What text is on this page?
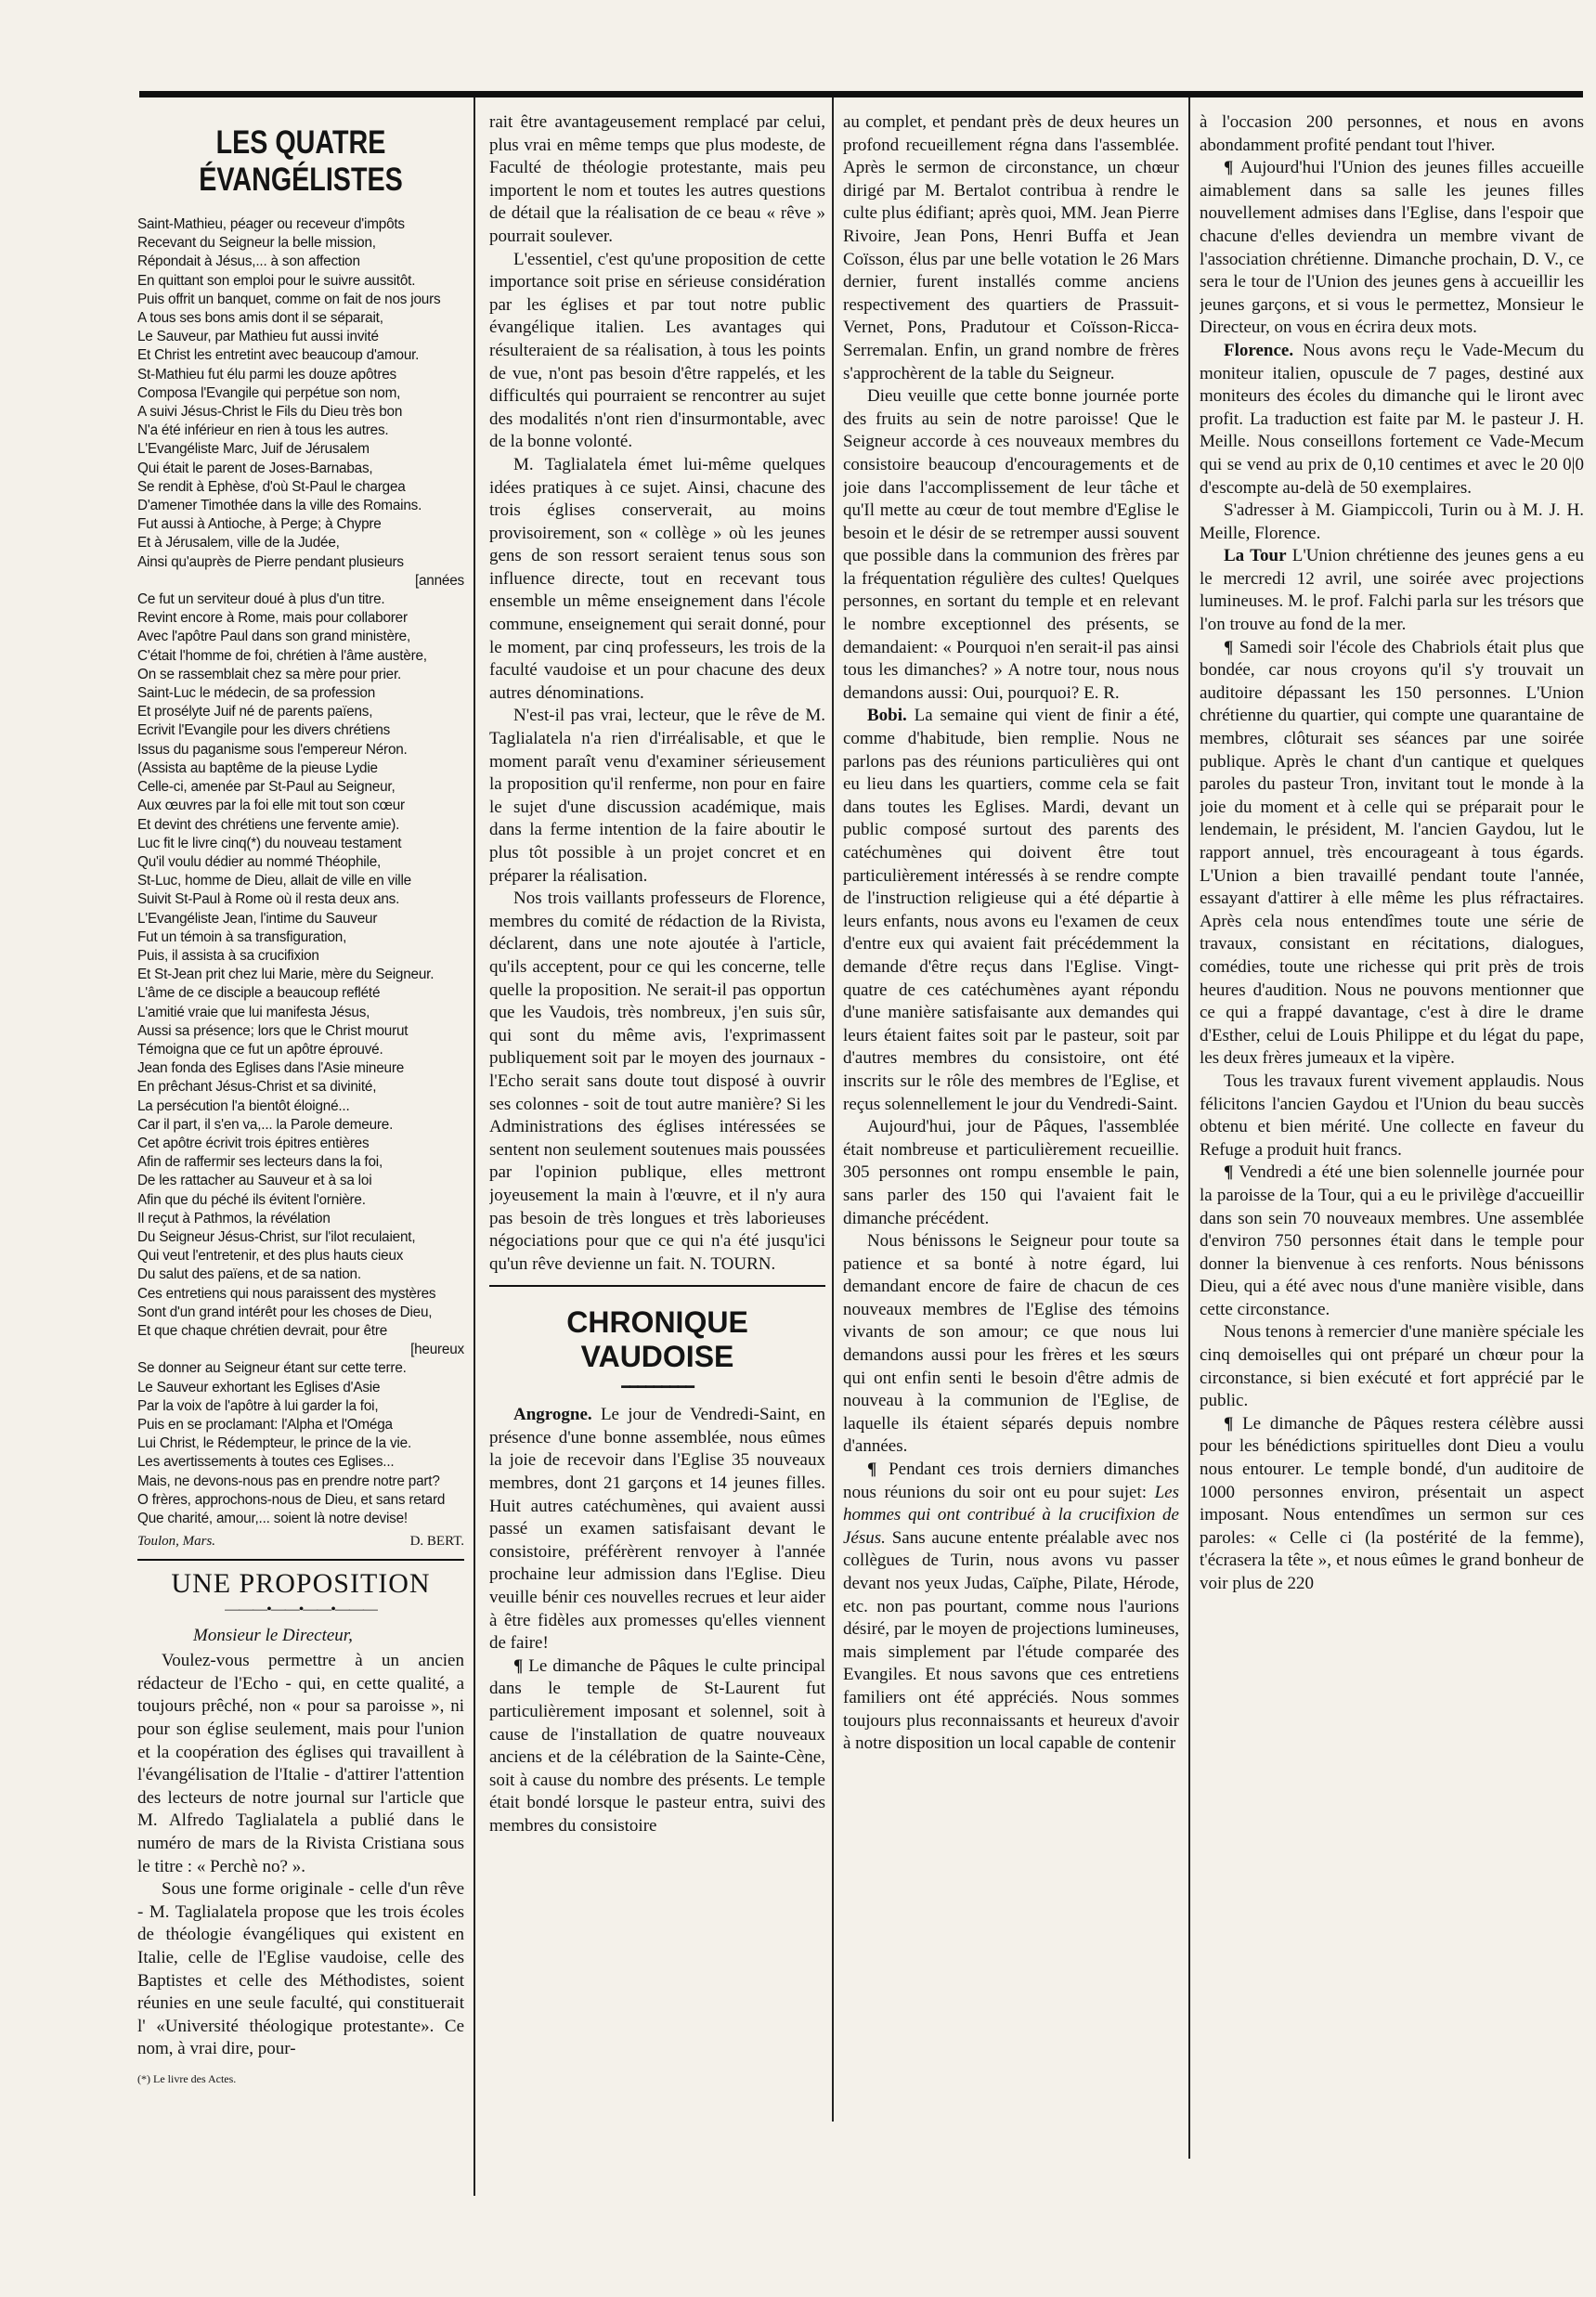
LES QUATRE ÉVANGÉLISTES

Saint-Mathieu, péager ou receveur d'impôts

Recevant du Seigneur la belle mission,

Répondait à Jésus,... à son affection

En quittant son emploi pour le suivre aussitôt.

Puis offrit un banquet, comme on fait de nos jours

A tous ses bons amis dont il se séparait,

Le Sauveur, par Mathieu fut aussi invité

Et Christ les entretint avec beaucoup d'amour.

St-Mathieu fut élu parmi les douze apôtres

Composa l'Evangile qui perpétue son nom,

A suivi Jésus-Christ le Fils du Dieu très bon

N'a été inférieur en rien à tous les autres.

L'Evangéliste Marc, Juif de Jérusalem

Qui était le parent de Joses-Barnabas,

Se rendit à Ephèse, d'où St-Paul le chargea

D'amener Timothée dans la ville des Romains.

Fut aussi à Antioche, à Perge; à Chypre

Et à Jérusalem, ville de la Judée,

Ainsi qu'auprès de Pierre pendant plusieurs

[années

Ce fut un serviteur doué à plus d'un titre.

Revint encore à Rome, mais pour collaborer

Avec l'apôtre Paul dans son grand ministère,

C'était l'homme de foi, chrétien à l'âme austère,

On se rassemblait chez sa mère pour prier.

Saint-Luc le médecin, de sa profession

Et prosélyte Juif né de parents païens,

Ecrivit l'Evangile pour les divers chrétiens

Issus du paganisme sous l'empereur Néron.

(Assista au baptême de la pieuse Lydie

Celle-ci, amenée par St-Paul au Seigneur,

Aux œuvres par la foi elle mit tout son cœur

Et devint des chrétiens une fervente amie).

Luc fit le livre cinq(*) du nouveau testament

Qu'il voulu dédier au nommé Théophile,

St-Luc, homme de Dieu, allait de ville en ville

Suivit St-Paul à Rome où il resta deux ans.

L'Evangéliste Jean, l'intime du Sauveur

Fut un témoin à sa transfiguration,

Puis, il assista à sa crucifixion

Et St-Jean prit chez lui Marie, mère du Seigneur.

L'âme de ce disciple a beaucoup reflété

L'amitié vraie que lui manifesta Jésus,

Aussi sa présence; lors que le Christ mourut

Témoigna que ce fut un apôtre éprouvé.

Jean fonda des Eglises dans l'Asie mineure

En prêchant Jésus-Christ et sa divinité,

La persécution l'a bientôt éloigné...

Car il part, il s'en va,... la Parole demeure.

Cet apôtre écrivit trois épitres entières

Afin de raffermir ses lecteurs dans la foi,

De les rattacher au Sauveur et à sa loi

Afin que du péché ils évitent l'ornière.

Il reçut à Pathmos, la révélation

Du Seigneur Jésus-Christ, sur l'ilot reculaient,

Qui veut l'entretenir, et des plus hauts cieux

Du salut des païens, et de sa nation.

Ces entretiens qui nous paraissent des mystères

Sont d'un grand intérêt pour les choses de Dieu,

Et que chaque chrétien devrait, pour être

[heureux

Se donner au Seigneur étant sur cette terre.

Le Sauveur exhortant les Eglises d'Asie

Par la voix de l'apôtre à lui garder la foi,

Puis en se proclamant: l'Alpha et l'Oméga

Lui Christ, le Rédempteur, le prince de la vie.

Les avertissements à toutes ces Eglises...

Mais, ne devons-nous pas en prendre notre part?

O frères, approchons-nous de Dieu, et sans retard

Que charité, amour,... soient là notre devise!

Toulon, Mars.	D. BERT.
UNE PROPOSITION
———•——•——•———
Monsieur le Directeur,

Voulez-vous permettre à un ancien rédacteur de l'Echo - qui, en cette qualité, a toujours prêché, non « pour sa paroisse », ni pour son église seulement, mais pour l'union et la coopération des églises qui travaillent à l'évangélisation de l'Italie - d'attirer l'attention des lecteurs de notre journal sur l'article que M. Alfredo Taglialatela a publié dans le numéro de mars de la Rivista Cristiana sous le titre : « Perchè no? ».

Sous une forme originale - celle d'un rêve - M. Taglialatela propose que les trois écoles de théologie évangéliques qui existent en Italie, celle de l'Eglise vaudoise, celle des Baptistes et celle des Méthodistes, soient réunies en une seule faculté, qui constituerait l' «Université théologique protestante». Ce nom, à vrai dire, pour-

(*) Le livre des Actes.

rait être avantageusement remplacé par celui, plus vrai en même temps que plus modeste, de Faculté de théologie protestante, mais peu importent le nom et toutes les autres questions de détail que la réalisation de ce beau « rêve » pourrait soulever.

L'essentiel, c'est qu'une proposition de cette importance soit prise en sérieuse considération par les églises et par tout notre public évangélique italien. Les avantages qui résulteraient de sa réalisation, à tous les points de vue, n'ont pas besoin d'être rappelés, et les difficultés qui pourraient se rencontrer au sujet des modalités n'ont rien d'insurmontable, avec de la bonne volonté.

M. Taglialatela émet lui-même quelques idées pratiques à ce sujet. Ainsi, chacune des trois églises conserverait, au moins provisoirement, son « collège » où les jeunes gens de son ressort seraient tenus sous son influence directe, tout en recevant tous ensemble un même enseignement dans l'école commune, enseignement qui serait donné, pour le moment, par cinq professeurs, les trois de la faculté vaudoise et un pour chacune des deux autres dénominations.

N'est-il pas vrai, lecteur, que le rêve de M. Taglialatela n'a rien d'irréalisable, et que le moment paraît venu d'examiner sérieusement la proposition qu'il renferme, non pour en faire le sujet d'une discussion académique, mais dans la ferme intention de la faire aboutir le plus tôt possible à un projet concret et en préparer la réalisation.

Nos trois vaillants professeurs de Florence, membres du comité de rédaction de la Rivista, déclarent, dans une note ajoutée à l'article, qu'ils acceptent, pour ce qui les concerne, telle quelle la proposition. Ne serait-il pas opportun que les Vaudois, très nombreux, j'en suis sûr, qui sont du même avis, l'exprimassent publiquement soit par le moyen des journaux - l'Echo serait sans doute tout disposé à ouvrir ses colonnes - soit de tout autre manière? Si les Administrations des églises intéressées se sentent non seulement soutenues mais poussées par l'opinion publique, elles mettront joyeusement la main à l'œuvre, et il n'y aura pas besoin de très longues et très laborieuses négociations pour que ce qui n'a été jusqu'ici qu'un rêve devienne un fait. N. TOURN.

CHRONIQUE VAUDOISE
━━━━━━━━━

Angrogne. Le jour de Vendredi-Saint, en présence d'une bonne assemblée, nous eûmes la joie de recevoir dans l'Eglise 35 nouveaux membres, dont 21 garçons et 14 jeunes filles. Huit autres catéchumènes, qui avaient aussi passé un examen satisfaisant devant le consistoire, préférèrent renvoyer à l'année prochaine leur admission dans l'Eglise. Dieu veuille bénir ces nouvelles recrues et leur aider à être fidèles aux promesses qu'elles viennent de faire!

¶ Le dimanche de Pâques le culte principal dans le temple de St-Laurent fut particulièrement imposant et solennel, soit à cause de l'installation de quatre nouveaux anciens et de la célébration de la Sainte-Cène, soit à cause du nombre des présents. Le temple était bondé lorsque le pasteur entra, suivi des membres du consistoire

au complet, et pendant près de deux heures un profond recueillement régna dans l'assemblée. Après le sermon de circonstance, un chœur dirigé par M. Bertalot contribua à rendre le culte plus édifiant; après quoi, MM. Jean Pierre Rivoire, Jean Pons, Henri Buffa et Jean Coïsson, élus par une belle votation le 26 Mars dernier, furent installés comme anciens respectivement des quartiers de Prassuit-Vernet, Pons, Pradutour et Coïsson-Ricca-Serremalan. Enfin, un grand nombre de frères s'approchèrent de la table du Seigneur.

Dieu veuille que cette bonne journée porte des fruits au sein de notre paroisse! Que le Seigneur accorde à ces nouveaux membres du consistoire beaucoup d'encouragements et de joie dans l'accomplissement de leur tâche et qu'Il mette au cœur de tout membre d'Eglise le besoin et le désir de se retremper aussi souvent que possible dans la communion des frères par la fréquentation régulière des cultes! Quelques personnes, en sortant du temple et en relevant le nombre exceptionnel des présents, se demandaient: « Pourquoi n'en serait-il pas ainsi tous les dimanches? » A notre tour, nous nous demandons aussi: Oui, pourquoi? E. R.

Bobi. La semaine qui vient de finir a été, comme d'habitude, bien remplie. Nous ne parlons pas des réunions particulières qui ont eu lieu dans les quartiers, comme cela se fait dans toutes les Eglises. Mardi, devant un public composé surtout des parents des catéchumènes qui doivent être tout particulièrement intéressés à se rendre compte de l'instruction religieuse qui a été départie à leurs enfants, nous avons eu l'examen de ceux d'entre eux qui avaient fait précédemment la demande d'être reçus dans l'Eglise. Vingt-quatre de ces catéchumènes ayant répondu d'une manière satisfaisante aux demandes qui leurs étaient faites soit par le pasteur, soit par d'autres membres du consistoire, ont été inscrits sur le rôle des membres de l'Eglise, et reçus solennellement le jour du Vendredi-Saint.

Aujourd'hui, jour de Pâques, l'assemblée était nombreuse et particulièrement recueillie. 305 personnes ont rompu ensemble le pain, sans parler des 150 qui l'avaient fait le dimanche précédent.

Nous bénissons le Seigneur pour toute sa patience et sa bonté à notre égard, lui demandant encore de faire de chacun de ces nouveaux membres de l'Eglise des témoins vivants de son amour; ce que nous lui demandons aussi pour les frères et les sœurs qui ont enfin senti le besoin d'être admis de nouveau à la communion de l'Eglise, de laquelle ils étaient séparés depuis nombre d'années.

¶ Pendant ces trois derniers dimanches nous réunions du soir ont eu pour sujet: Les hommes qui ont contribué à la crucifixion de Jésus. Sans aucune entente préalable avec nos collègues de Turin, nous avons vu passer devant nos yeux Judas, Caïphe, Pilate, Hérode, etc. non pas pourtant, comme nous l'aurions désiré, par le moyen de projections lumineuses, mais simplement par l'étude comparée des Evangiles. Et nous savons que ces entretiens familiers ont été appréciés. Nous sommes toujours plus reconnaissants et heureux d'avoir à notre disposition un local capable de contenir

à l'occasion 200 personnes, et nous en avons abondamment profité pendant tout l'hiver.

¶ Aujourd'hui l'Union des jeunes filles accueille aimablement dans sa salle les jeunes filles nouvellement admises dans l'Eglise, dans l'espoir que chacune d'elles deviendra un membre vivant de l'association chrétienne. Dimanche prochain, D. V., ce sera le tour de l'Union des jeunes gens à accueillir les jeunes garçons, et si vous le permettez, Monsieur le Directeur, on vous en écrira deux mots.

Florence. Nous avons reçu le Vade-Mecum du moniteur italien, opuscule de 7 pages, destiné aux moniteurs des écoles du dimanche qui le liront avec profit. La traduction est faite par M. le pasteur J. H. Meille. Nous conseillons fortement ce Vade-Mecum qui se vend au prix de 0,10 centimes et avec le 20 0|0 d'escompte au-delà de 50 exemplaires.

S'adresser à M. Giampiccoli, Turin ou à M. J. H. Meille, Florence.

La Tour L'Union chrétienne des jeunes gens a eu le mercredi 12 avril, une soirée avec projections lumineuses. M. le prof. Falchi parla sur les trésors que l'on trouve au fond de la mer.

¶ Samedi soir l'école des Chabriols était plus que bondée, car nous croyons qu'il s'y trouvait un auditoire dépassant les 150 personnes. L'Union chrétienne du quartier, qui compte une quarantaine de membres, clôturait ses séances par une soirée publique. Après le chant d'un cantique et quelques paroles du pasteur Tron, invitant tout le monde à la joie du moment et à celle qui se préparait pour le lendemain, le président, M. l'ancien Gaydou, lut le rapport annuel, très encourageant à tous égards. L'Union a bien travaillé pendant toute l'année, essayant d'attirer à elle même les plus réfractaires. Après cela nous entendîmes toute une série de travaux, consistant en récitations, dialogues, comédies, toute une richesse qui prit près de trois heures d'audition. Nous ne pouvons mentionner que ce qui a frappé davantage, c'est à dire le drame d'Esther, celui de Louis Philippe et du légat du pape, les deux frères jumeaux et la vipère.

Tous les travaux furent vivement applaudis. Nous félicitons l'ancien Gaydou et l'Union du beau succès obtenu et bien mérité. Une collecte en faveur du Refuge a produit huit francs.

¶ Vendredi a été une bien solennelle journée pour la paroisse de la Tour, qui a eu le privilège d'accueillir dans son sein 70 nouveaux membres. Une assemblée d'environ 750 personnes était dans le temple pour donner la bienvenue à ces renforts. Nous bénissons Dieu, qui a été avec nous d'une manière visible, dans cette circonstance.

Nous tenons à remercier d'une manière spéciale les cinq demoiselles qui ont préparé un chœur pour la circonstance, si bien exécuté et fort apprécié par le public.

¶ Le dimanche de Pâques restera célèbre aussi pour les bénédictions spirituelles dont Dieu a voulu nous entourer. Le temple bondé, d'un auditoire de 1000 personnes environ, présentait un aspect imposant. Nous entendîmes un sermon sur ces paroles: « Celle ci (la postérité de la femme), t'écrasera la tête », et nous eûmes le grand bonheur de voir plus de 220
